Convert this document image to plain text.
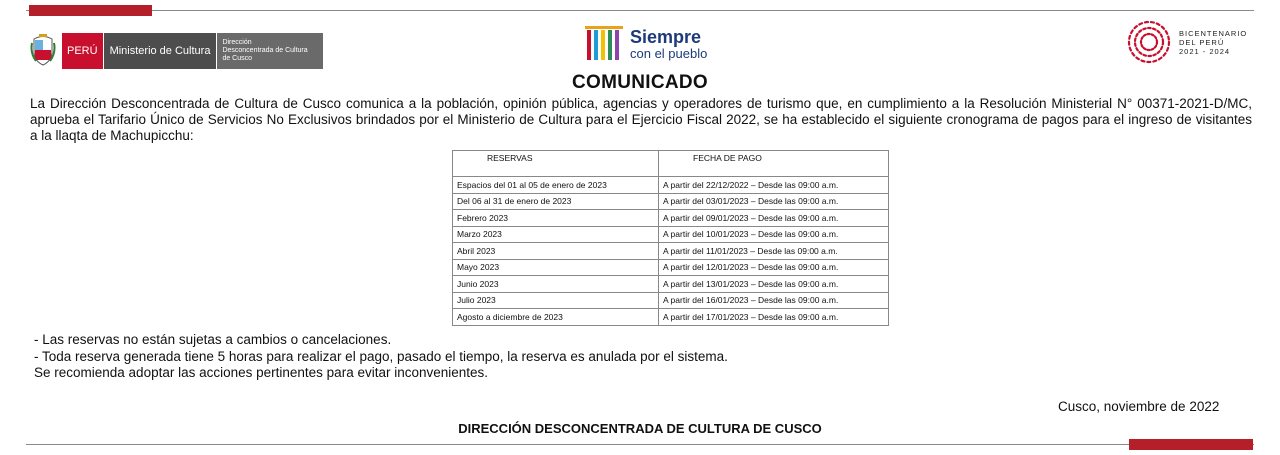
PERÚ	Ministerio de Cultura
Dirección
Desconcentrada de Cultura
de Cusco
Siempre
con el pueblo
BICENTENARIO
DEL PERÚ
2021 - 2024
COMUNICADO
La Dirección Desconcentrada de Cultura de Cusco comunica a la población, opinión pública, agencias y operadores de turismo que, en cumplimiento a la Resolución Ministerial N° 00371-2021-D/MC, aprueba el Tarifario Único de Servicios No Exclusivos brindados por el Ministerio de Cultura para el Ejercicio Fiscal 2022, se ha establecido el siguiente cronograma de pagos para el ingreso de visitantes a la llaqta de Machupicchu:
RESERVAS	FECHA DE PAGO
Espacios del 01 al 05 de enero de 2023	A partir del 22/12/2022 – Desde las 09:00 a.m.
Del 06 al 31 de enero de 2023	A partir del 03/01/2023 – Desde las 09:00 a.m.
Febrero 2023	A partir del 09/01/2023 – Desde las 09:00 a.m.
Marzo 2023	A partir del 10/01/2023 – Desde las 09:00 a.m.
Abril 2023	A partir del 11/01/2023 – Desde las 09:00 a.m.
Mayo 2023	A partir del 12/01/2023 – Desde las 09:00 a.m.
Junio 2023	A partir del 13/01/2023 – Desde las 09:00 a.m.
Julio 2023	A partir del 16/01/2023 – Desde las 09:00 a.m.
Agosto a diciembre de 2023	A partir del 17/01/2023 – Desde las 09:00 a.m.
- Las reservas no están sujetas a cambios o cancelaciones.
- Toda reserva generada tiene 5 horas para realizar el pago, pasado el tiempo, la reserva es anulada por el sistema.
Se recomienda adoptar las acciones pertinentes para evitar inconvenientes.
Cusco, noviembre de 2022
DIRECCIÓN DESCONCENTRADA DE CULTURA DE CUSCO
